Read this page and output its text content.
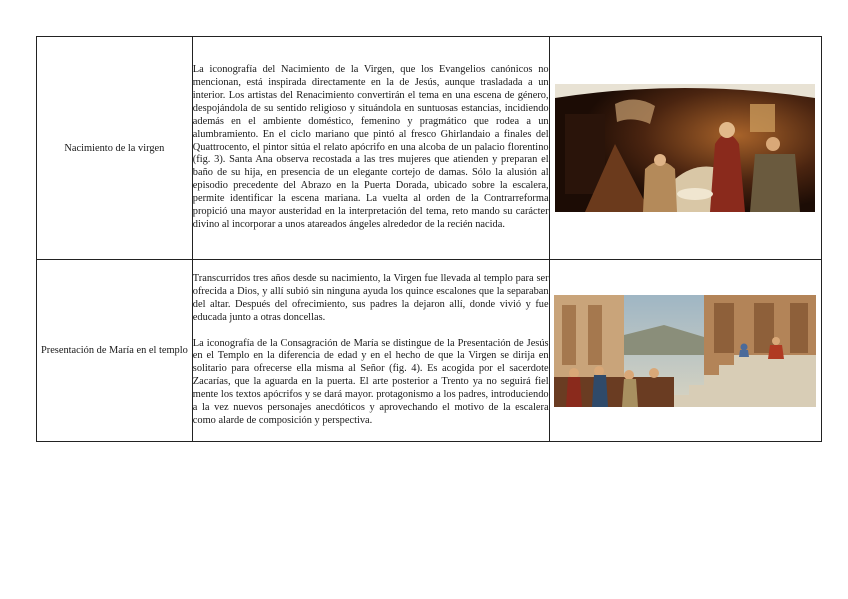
Nacimiento de la virgen	La iconografía del Nacimiento de la Virgen, que los Evangelios canónicos no mencionan, está inspirada directamente en la de Jesús, aunque trasladada a un interior. Los artistas del Renacimiento convertirán el tema en una escena de género, despojándola de su sentido religioso y situándola en suntuosas estancias, incidiendo además en el ambiente doméstico, femenino y pragmático que rodea a un alumbramiento. En el ciclo mariano que pintó al fresco Ghirlandaio a finales del Quattrocento, el pintor sitúa el relato apócrifo en una alcoba de un palacio florentino (fig. 3). Santa Ana observa recostada a las tres mujeres que atienden y preparan el baño de su hija, en presencia de un elegante cortejo de damas. Sólo la alusión al episodio precedente del Abrazo en la Puerta Dorada, ubicado sobre la escalera, permite identificar la escena mariana. La vuelta al orden de la Contrarreforma propició una mayor austeridad en la interpretación del tema, reto mando su carácter divino al incorporar a unos atareados ángeles alrededor de la recién nacida.

Presentación de María en el templo	Transcurridos tres años desde su nacimiento, la Virgen fue llevada al templo para ser ofrecida a Dios, y allí subió sin ninguna ayuda los quince escalones que la separaban del altar. Después del ofrecimiento, sus padres la dejaron allí, donde vivió y fue educada junto a otras doncellas.

La iconografía de la Consagración de María se distingue de la Presentación de Jesús en el Templo en la diferencia de edad y en el hecho de que la Virgen se dirija en solitario para ofrecerse ella misma al Señor (fig. 4). Es acogida por el sacerdote Zacarías, que la aguarda en la puerta. El arte posterior a Trento ya no seguirá fiel mente los textos apócrifos y se dará mayor. protagonismo a los padres, introduciendo a la vez nuevos personajes anecdóticos y aprovechando el motivo de la escalera como alarde de composición y perspectiva.
